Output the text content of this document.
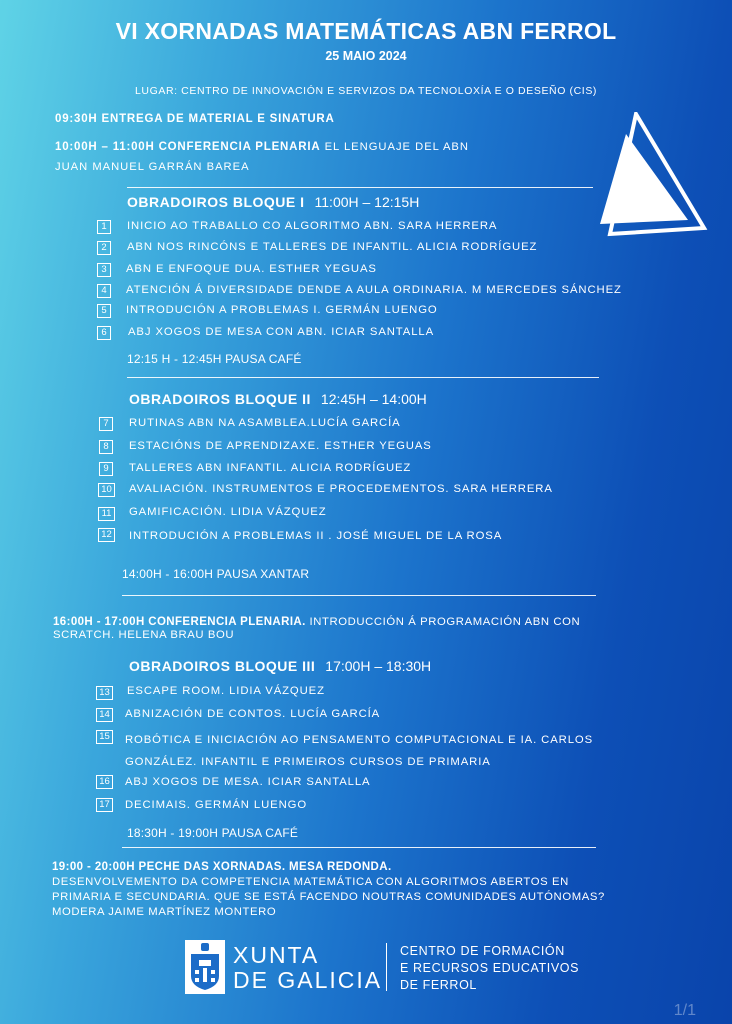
VI XORNADAS MATEMÁTICAS ABN FERROL
25 MAIO 2024
LUGAR: CENTRO DE INNOVACIÓN E SERVIZOS DA TECNOLOXÍA E O DESEÑO (CIS)
09:30H ENTREGA DE MATERIAL E SINATURA
10:00H – 11:00H CONFERENCIA PLENARIA EL LENGUAJE DEL ABN
JUAN MANUEL GARRÁN BAREA
OBRADOIROS BLOQUE I 11:00H – 12:15H
1	INICIO AO TRABALLO CO ALGORITMO ABN. SARA HERRERA
2	ABN NOS RINCÓNS E TALLERES DE INFANTIL. ALICIA RODRÍGUEZ
3	ABN E ENFOQUE DUA. ESTHER YEGUAS
4	ATENCIÓN Á DIVERSIDADE DENDE A AULA ORDINARIA. M MERCEDES SÁNCHEZ
5	INTRODUCIÓN A PROBLEMAS I. GERMÁN LUENGO
6	ABJ XOGOS DE MESA CON ABN. ICIAR SANTALLA
12:15 H - 12:45H PAUSA CAFÉ
OBRADOIROS BLOQUE II 12:45H – 14:00H
7	RUTINAS ABN NA ASAMBLEA.LUCÍA GARCÍA
8	ESTACIÓNS DE APRENDIZAXE. ESTHER YEGUAS
9	TALLERES ABN INFANTIL. ALICIA RODRÍGUEZ
10 AVALIACIÓN. INSTRUMENTOS E PROCEDEMENTOS. SARA HERRERA
11	GAMIFICACIÓN. LIDIA VÁZQUEZ
12 INTRODUCIÓN A PROBLEMAS II . JOSÉ MIGUEL DE LA ROSA
14:00H - 16:00H PAUSA XANTAR
16:00H - 17:00H CONFERENCIA PLENARIA. INTRODUCCIÓN Á PROGRAMACIÓN ABN CON
SCRATCH. HELENA BRAU BOU
OBRADOIROS BLOQUE III 17:00H – 18:30H
13 ESCAPE ROOM. LIDIA VÁZQUEZ
14 ABNIZACIÓN DE CONTOS. LUCÍA GARCÍA
15 ROBÓTICA E INICIACIÓN AO PENSAMENTO COMPUTACIONAL E IA. CARLOS
GONZÁLEZ. INFANTIL E PRIMEIROS CURSOS DE PRIMARIA
16 ABJ XOGOS DE MESA. ICIAR SANTALLA
17 DECIMAIS. GERMÁN LUENGO
18:30H - 19:00H PAUSA CAFÉ
19:00 - 20:00H PECHE DAS XORNADAS. MESA REDONDA.
DESENVOLVEMENTO DA COMPETENCIA MATEMÁTICA CON ALGORITMOS ABERTOS EN
PRIMARIA E SECUNDARIA. QUE SE ESTÁ FACENDO NOUTRAS COMUNIDADES AUTÓNOMAS?
MODERA JAIME MARTÍNEZ MONTERO
XUNTA
DE GALICIA
CENTRO DE FORMACIÓN
E RECURSOS EDUCATIVOS
DE FERROL
1/1
